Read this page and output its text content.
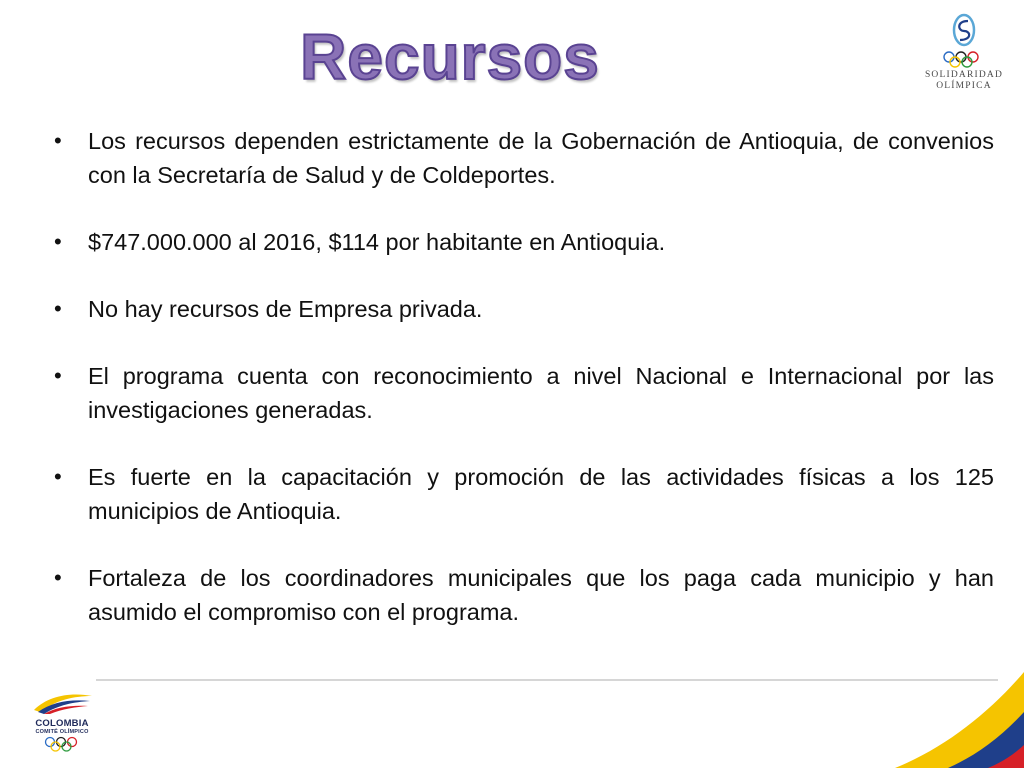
Recursos	SOLIDARIDAD
OLÍMPICA
• Los recursos dependen estrictamente de la Gobernación de Antioquia, de convenios con la Secretaría de Salud y de Coldeportes.
• $747.000.000 al 2016, $114 por habitante en Antioquia.
• No hay recursos de Empresa privada.
• El programa cuenta con reconocimiento a nivel Nacional e Internacional por las investigaciones generadas.
• Es fuerte en la capacitación y promoción de las actividades físicas a los 125 municipios de Antioquia.
• Fortaleza de los coordinadores municipales que los paga cada municipio y han asumido el compromiso con el programa.
COLOMBIA
COMITÉ OLÍMPICO
